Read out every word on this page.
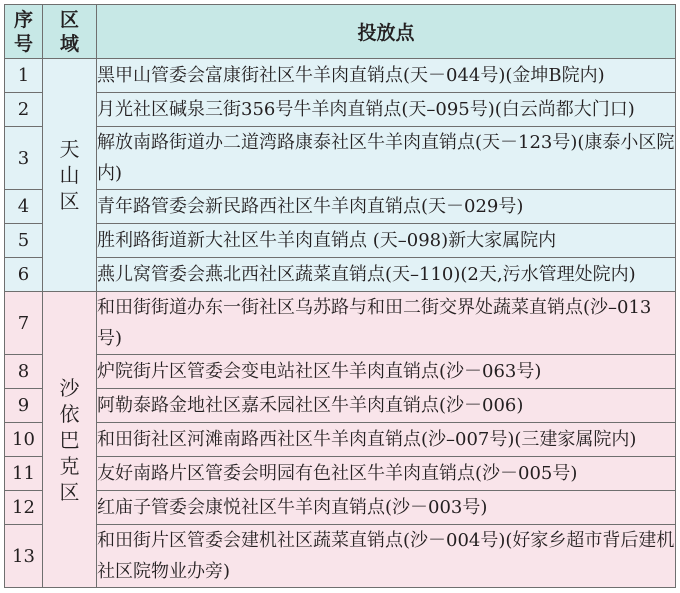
序号	区域	投放点
1	天山区	黑甲山管委会富康街社区牛羊肉直销点(天－044号)(金坤B院内)
2		月光社区碱泉三街356号牛羊肉直销点(天–095号)(白云尚都大门口)
3		解放南路街道办二道湾路康泰社区牛羊肉直销点(天－123号)(康泰小区院内)
4		青年路管委会新民路西社区牛羊肉直销点(天－029号)
5		胜利路街道新大社区牛羊肉直销点 (天–098)新大家属院内
6		燕儿窝管委会燕北西社区蔬菜直销点(天–110)(2天,污水管理处院内)
7	沙依巴克区	和田街街道办东一街社区乌苏路与和田二街交界处蔬菜直销点(沙–013号)
8		炉院街片区管委会变电站社区牛羊肉直销点(沙－063号)
9		阿勒泰路金地社区嘉禾园社区牛羊肉直销点(沙－006)
10		和田街社区河滩南路西社区牛羊肉直销点(沙–007号)(三建家属院内)
11		友好南路片区管委会明园有色社区牛羊肉直销点(沙－005号)
12		红庙子管委会康悦社区牛羊肉直销点(沙－003号)
13		和田街片区管委会建机社区蔬菜直销点(沙－004号)(好家乡超市背后建机社区院物业办旁)
